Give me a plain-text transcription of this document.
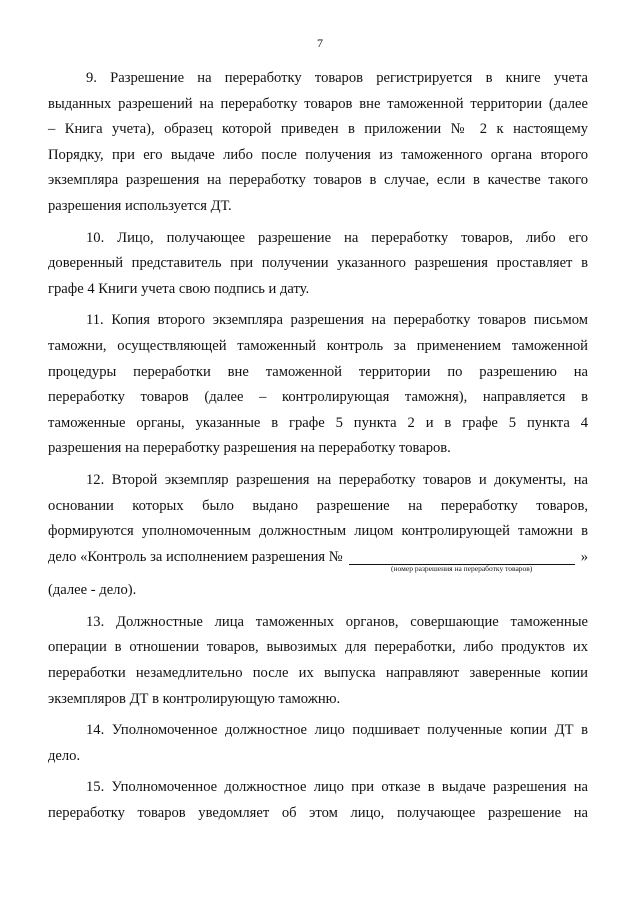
7
9. Разрешение на переработку товаров регистрируется в книге учета
выданных разрешений на переработку товаров вне таможенной территории (далее
– Книга учета), образец которой приведен в приложении № 2 к настоящему
Порядку, при его выдаче либо после получения из таможенного органа второго
экземпляра разрешения на переработку товаров в случае, если в качестве такого
разрешения используется ДТ.
10. Лицо, получающее разрешение на переработку товаров, либо его
доверенный представитель при получении указанного разрешения проставляет в
графе 4 Книги учета свою подпись и дату.
11. Копия второго экземпляра разрешения на переработку товаров письмом
таможни, осуществляющей таможенный контроль за применением таможенной
процедуры переработки вне таможенной территории по разрешению на
переработку товаров (далее – контролирующая таможня), направляется в
таможенные органы, указанные в графе 5 пункта 2 и в графе 5 пункта 4
разрешения на переработку разрешения на переработку товаров.
12. Второй экземпляр разрешения на переработку товаров и документы, на
основании которых было выдано разрешение на переработку товаров,
формируются уполномоченным должностным лицом контролирующей таможни в
дело «Контроль за исполнением разрешения №
(номер разрешения на переработку товаров)
»
(далее - дело).
13. Должностные лица таможенных органов, совершающие таможенные
операции в отношении товаров, вывозимых для переработки, либо продуктов их
переработки незамедлительно после их выпуска направляют заверенные копии
экземпляров ДТ в контролирующую таможню.
14. Уполномоченное должностное лицо подшивает полученные копии ДТ в
дело.
15. Уполномоченное должностное лицо при отказе в выдаче разрешения на
переработку товаров уведомляет об этом лицо, получающее разрешение на
